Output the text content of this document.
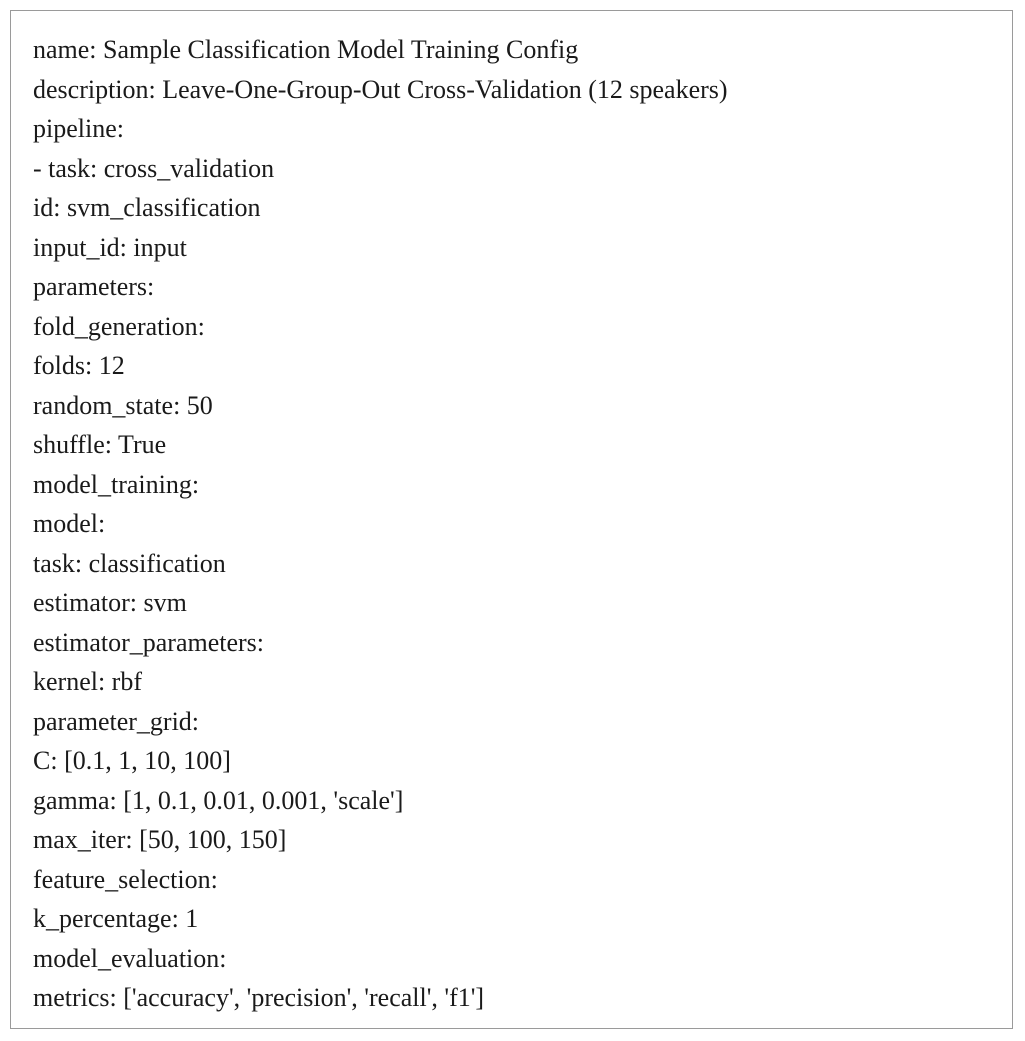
name: Sample Classification Model Training Config
description: Leave-One-Group-Out Cross-Validation (12 speakers)
pipeline:
- task: cross_validation
id: svm_classification
input_id: input
parameters:
fold_generation:
folds: 12
random_state: 50
shuffle: True
model_training:
model:
task: classification
estimator: svm
estimator_parameters:
kernel: rbf
parameter_grid:
C: [0.1, 1, 10, 100]
gamma: [1, 0.1, 0.01, 0.001, 'scale']
max_iter: [50, 100, 150]
feature_selection:
k_percentage: 1
model_evaluation:
metrics: ['accuracy', 'precision', 'recall', 'f1']
